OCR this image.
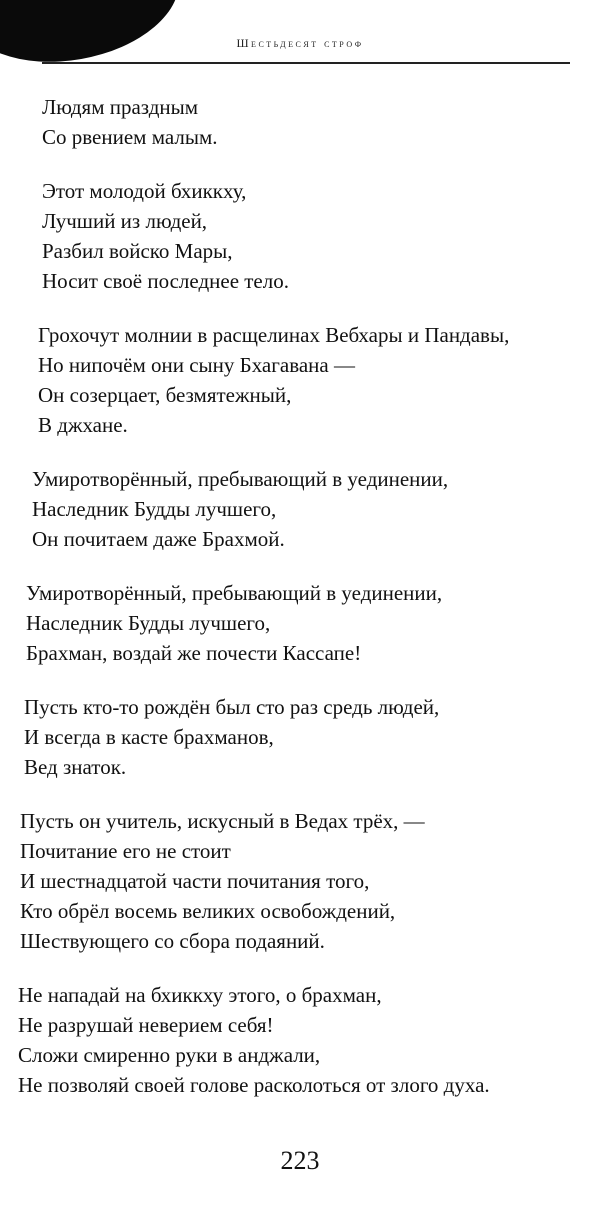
Шестьдесят строф
Людям праздным
Со рвением малым.
Этот молодой бхиккху,
Лучший из людей,
Разбил войско Мары,
Носит своё последнее тело.
Грохочут молнии в расщелинах Вебхары и Пандавы,
Но нипочём они сыну Бхагавана —
Он созерцает, безмятежный,
В джхане.
Умиротворённый, пребывающий в уединении,
Наследник Будды лучшего,
Он почитаем даже Брахмой.
Умиротворённый, пребывающий в уединении,
Наследник Будды лучшего,
Брахман, воздай же почести Кассапе!
Пусть кто-то рождён был сто раз средь людей,
И всегда в касте брахманов,
Вед знаток.
Пусть он учитель, искусный в Ведах трёх, —
Почитание его не стоит
И шестнадцатой части почитания того,
Кто обрёл восемь великих освобождений,
Шествующего со сбора подаяний.
Не нападай на бхиккху этого, о брахман,
Не разрушай неверием себя!
Сложи смиренно руки в анджали,
Не позволяй своей голове расколоться от злого духа.
223
